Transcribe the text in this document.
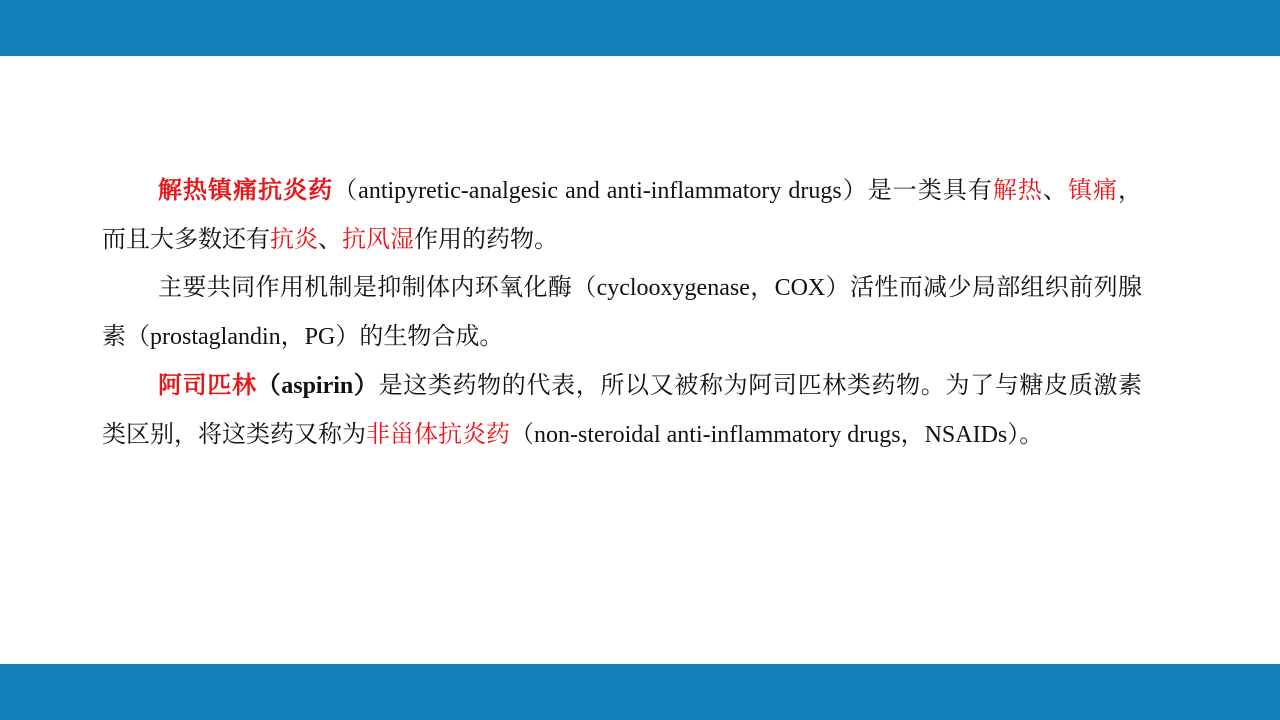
解热镇痛抗炎药（antipyretic-analgesic and anti-inflammatory drugs）是一类具有解热、镇痛，而且大多数还有抗炎、抗风湿作用的药物。

主要共同作用机制是抑制体内环氧化酶（cyclooxygenase，COX）活性而减少局部组织前列腺素（prostaglandin，PG）的生物合成。

阿司匹林（aspirin）是这类药物的代表，所以又被称为阿司匹林类药物。为了与糖皮质激素类区别，将这类药又称为非甾体抗炎药（non-steroidal anti-inflammatory drugs，NSAIDs）。
